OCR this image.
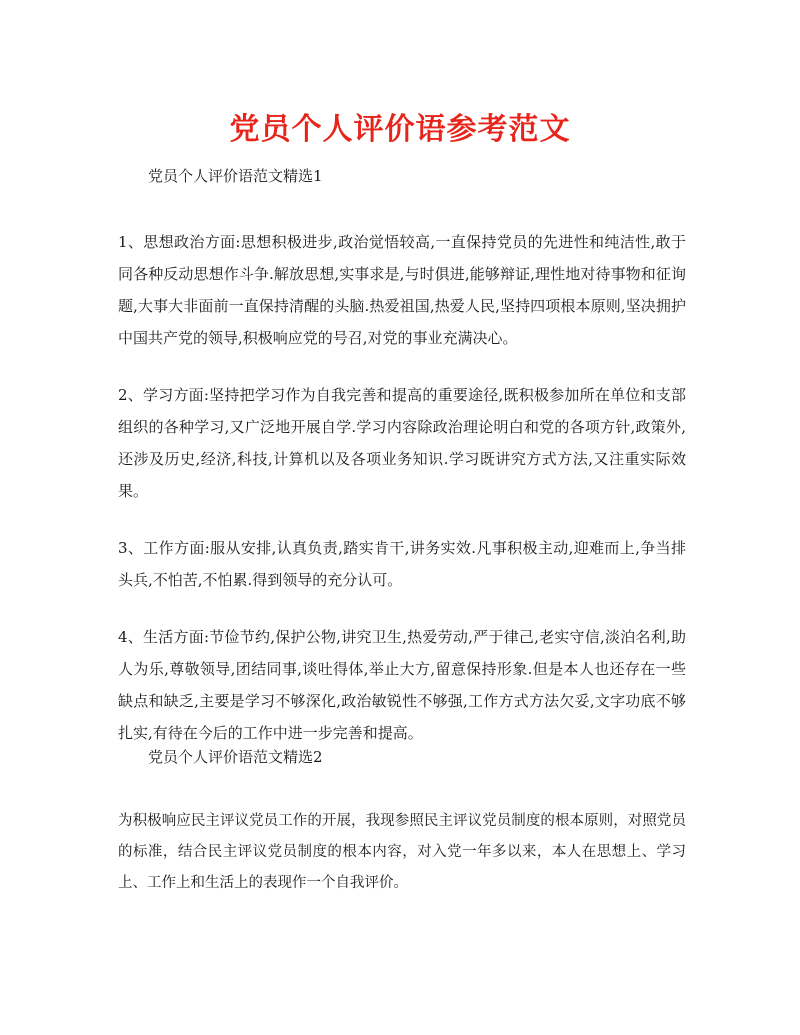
党员个人评价语参考范文

党员个人评价语范文精选1

1、思想政治方面:思想积极进步,政治觉悟较高,一直保持党员的先进性和纯洁性,敢于同各种反动思想作斗争.解放思想,实事求是,与时俱进,能够辩证,理性地对待事物和征询题,大事大非面前一直保持清醒的头脑.热爱祖国,热爱人民,坚持四项根本原则,坚决拥护中国共产党的领导,积极响应党的号召,对党的事业充满决心。

2、学习方面:坚持把学习作为自我完善和提高的重要途径,既积极参加所在单位和支部组织的各种学习,又广泛地开展自学.学习内容除政治理论明白和党的各项方针,政策外,还涉及历史,经济,科技,计算机以及各项业务知识.学习既讲究方式方法,又注重实际效果。

3、工作方面:服从安排,认真负责,踏实肯干,讲务实效.凡事积极主动,迎难而上,争当排头兵,不怕苦,不怕累.得到领导的充分认可。

4、生活方面:节俭节约,保护公物,讲究卫生,热爱劳动,严于律己,老实守信,淡泊名利,助人为乐,尊敬领导,团结同事,谈吐得体,举止大方,留意保持形象.但是本人也还存在一些缺点和缺乏,主要是学习不够深化,政治敏锐性不够强,工作方式方法欠妥,文字功底不够扎实,有待在今后的工作中进一步完善和提高。

党员个人评价语范文精选2

为积极响应民主评议党员工作的开展，我现参照民主评议党员制度的根本原则，对照党员的标准，结合民主评议党员制度的根本内容，对入党一年多以来，本人在思想上、学习上、工作上和生活上的表现作一个自我评价。
